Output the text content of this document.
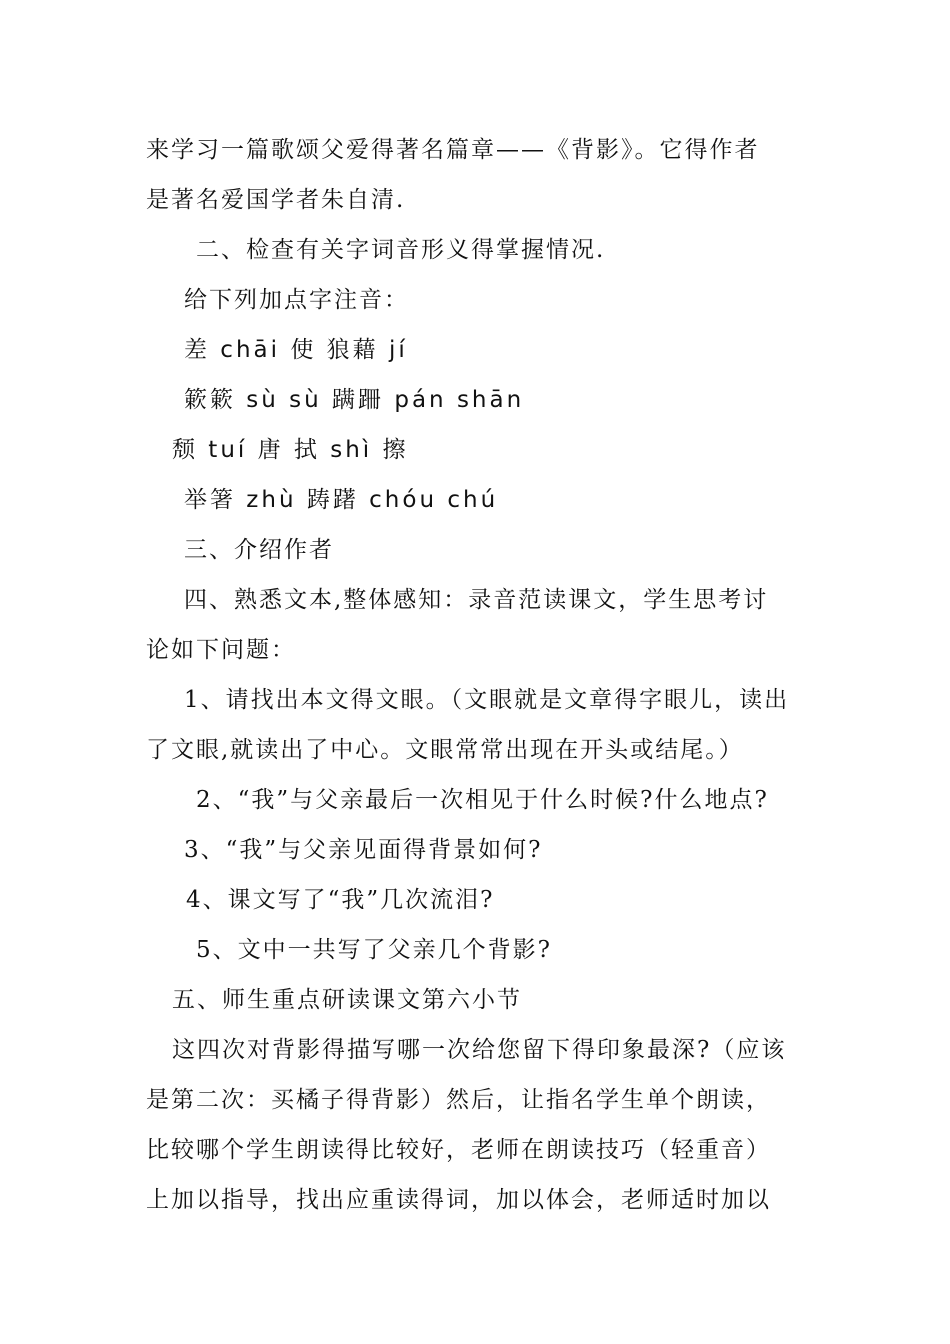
来学习一篇歌颂父爱得著名篇章——《背影》。它得作者
是著名爱国学者朱自清.
二、检查有关字词音形义得掌握情况.
给下列加点字注音：
差 chāi 使 狼藉 jí
簌簌 sù sù 蹒跚 pán shān
颓 tuí 唐 拭 shì 擦
举箸 zhù 踌躇 chóu chú
三、介绍作者
四、熟悉文本,整体感知：录音范读课文，学生思考讨
论如下问题：
1、请找出本文得文眼。（文眼就是文章得字眼儿，读出
了文眼,就读出了中心。文眼常常出现在开头或结尾。）
2、“我”与父亲最后一次相见于什么时候?什么地点?
3、“我”与父亲见面得背景如何?
4、课文写了“我”几次流泪?
5、文中一共写了父亲几个背影?
五、师生重点研读课文第六小节
这四次对背影得描写哪一次给您留下得印象最深?（应该
是第二次：买橘子得背影）然后，让指名学生单个朗读，
比较哪个学生朗读得比较好，老师在朗读技巧（轻重音）
上加以指导，找出应重读得词，加以体会，老师适时加以
